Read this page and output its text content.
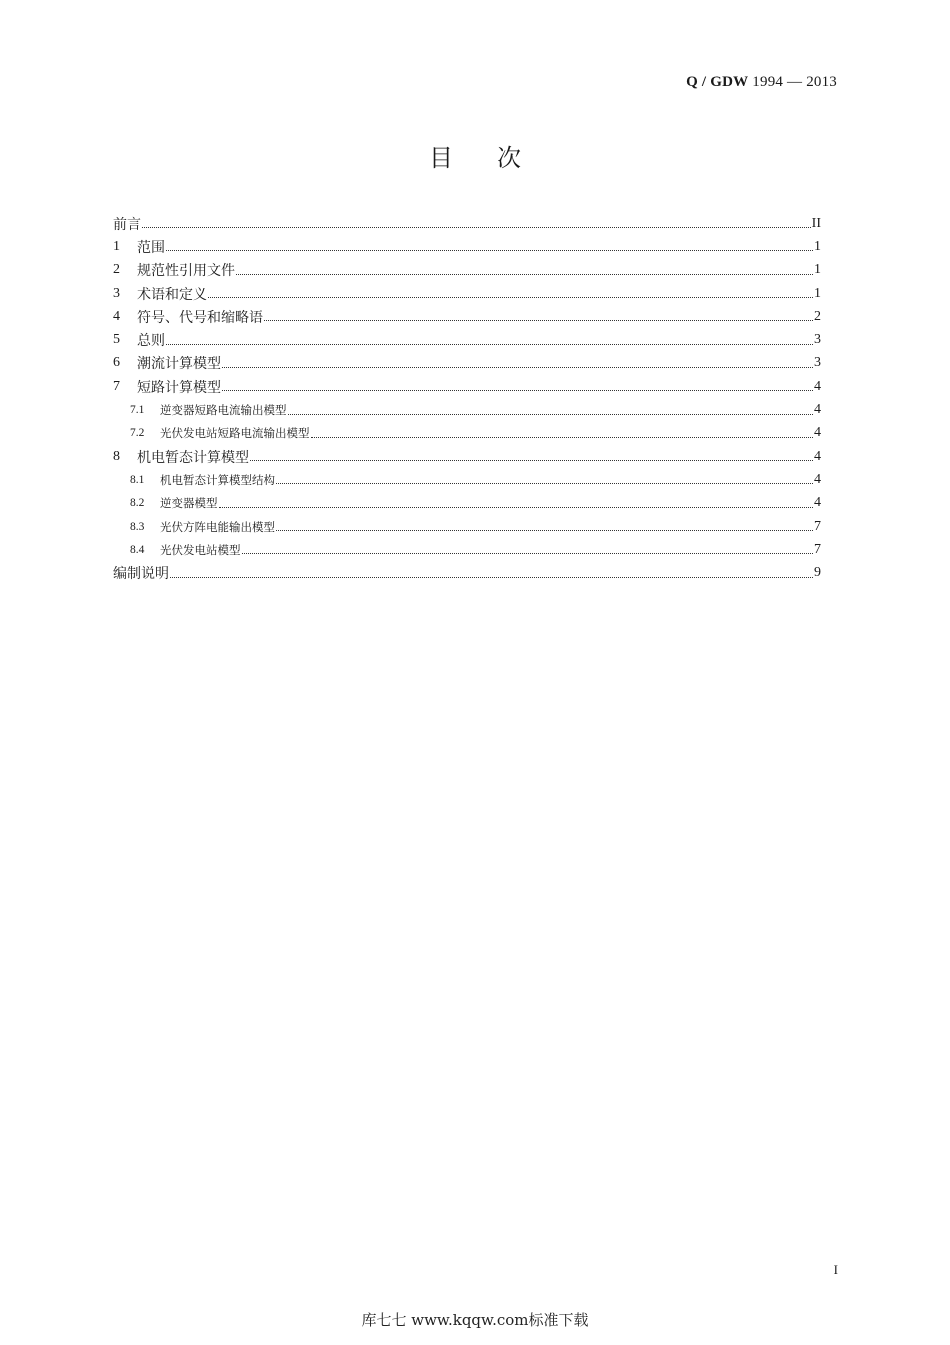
Q / GDW 1994 — 2013
目次
前言	II
1	范围	1
2	规范性引用文件	1
3	术语和定义	1
4	符号、代号和缩略语	2
5	总则	3
6	潮流计算模型	3
7	短路计算模型	4
7.1	逆变器短路电流输出模型	4
7.2	光伏发电站短路电流输出模型	4
8	机电暂态计算模型	4
8.1	机电暂态计算模型结构	4
8.2	逆变器模型	4
8.3	光伏方阵电能输出模型	7
8.4	光伏发电站模型	7
编制说明	9
I
库七七 www.kqqw.com标准下载
